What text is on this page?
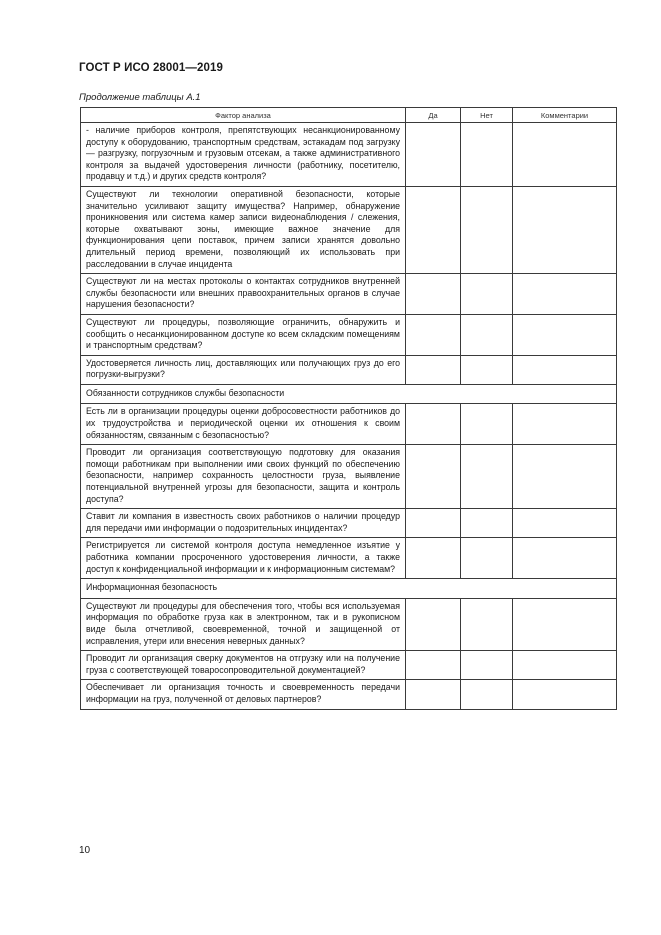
ГОСТ Р ИСО 28001—2019
Продолжение таблицы А.1
Фактор анализа	Да	Нет	Комментарии
- наличие приборов контроля, препятствующих несанкционированному доступу к оборудованию, транспортным средствам, эстакадам под загрузку — разгрузку, погрузочным и грузовым отсекам, а также административного контроля за выдачей удостоверения личности (работнику, посетителю, продавцу и т.д.) и других средств контроля?			
Существуют ли технологии оперативной безопасности, которые значительно усиливают защиту имущества? Например, обнаружение проникновения или система камер записи видеонаблюдения / слежения, которые охватывают зоны, имеющие важное значение для функционирования цепи поставок, причем записи хранятся довольно длительный период времени, позволяющий их использовать при расследовании в случае инцидента			
Существуют ли на местах протоколы о контактах сотрудников внутренней службы безопасности или внешних правоохранительных органов в случае нарушения безопасности?			
Существуют ли процедуры, позволяющие ограничить, обнаружить и сообщить о несанкционированном доступе ко всем складским помещениям и транспортным средствам?			
Удостоверяется личность лиц, доставляющих или получающих груз до его погрузки-выгрузки?			
Обязанности сотрудников службы безопасности			
Есть ли в организации процедуры оценки добросовестности работников до их трудоустройства и периодической оценки их отношения к своим обязанностям, связанным с безопасностью?			
Проводит ли организация соответствующую подготовку для оказания помощи работникам при выполнении ими своих функций по обеспечению безопасности, например сохранность целостности груза, выявление потенциальной внутренней угрозы для безопасности, защита и контроль доступа?			
Ставит ли компания в известность своих работников о наличии процедур для передачи ими информации о подозрительных инцидентах?			
Регистрируется ли системой контроля доступа немедленное изъятие у работника компании просроченного удостоверения личности, а также доступ к конфиденциальной информации и к информационным системам?			
Информационная безопасность			
Существуют ли процедуры для обеспечения того, чтобы вся используемая информация по обработке груза как в электронном, так и в рукописном виде была отчетливой, своевременной, точной и защищенной от исправления, утери или внесения неверных данных?			
Проводит ли организация сверку документов на отгрузку или на получение груза с соответствующей товаросопроводительной документацией?			
Обеспечивает ли организация точность и своевременность передачи информации на груз, полученной от деловых партнеров?			
10
